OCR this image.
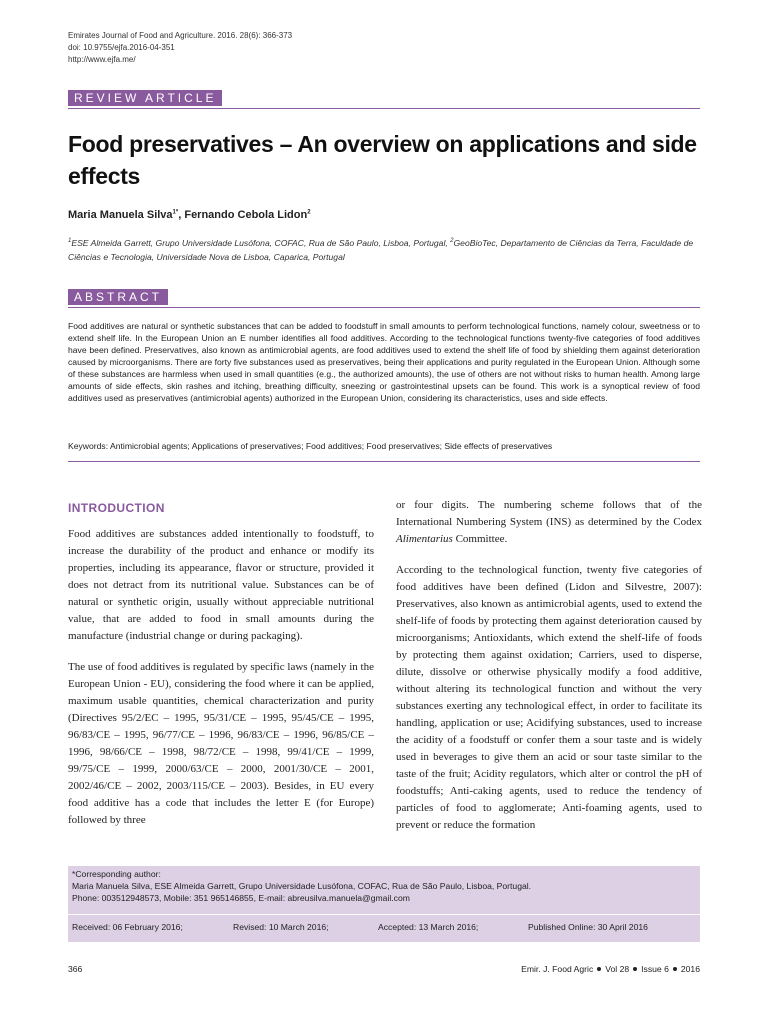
Emirates Journal of Food and Agriculture. 2016. 28(6): 366-373
doi: 10.9755/ejfa.2016-04-351
http://www.ejfa.me/
REVIEW ARTICLE
Food preservatives – An overview on applications and side effects
Maria Manuela Silva$^{1*}$, Fernando Cebola Lidon$^2$
$^1$ESE Almeida Garrett, Grupo Universidade Lusófona, COFAC, Rua de São Paulo, Lisboa, Portugal, $^2$GeoBioTec, Departamento de Ciências da Terra, Faculdade de Ciências e Tecnologia, Universidade Nova de Lisboa, Caparica, Portugal
ABSTRACT
Food additives are natural or synthetic substances that can be added to foodstuff in small amounts to perform technological functions, namely colour, sweetness or to extend shelf life. In the European Union an E number identifies all food additives. According to the technological functions twenty-five categories of food additives have been defined. Preservatives, also known as antimicrobial agents, are food additives used to extend the shelf life of food by shielding them against deterioration caused by microorganisms. There are forty five substances used as preservatives, being their applications and purity regulated in the European Union. Although some of these substances are harmless when used in small quantities (e.g., the authorized amounts), the use of others are not without risks to human health. Among large amounts of side effects, skin rashes and itching, breathing difficulty, sneezing or gastrointestinal upsets can be found. This work is a synoptical review of food additives used as preservatives (antimicrobial agents) authorized in the European Union, considering its characteristics, uses and side effects.
Keywords: Antimicrobial agents; Applications of preservatives; Food additives; Food preservatives; Side effects of preservatives
INTRODUCTION

Food additives are substances added intentionally to foodstuff, to increase the durability of the product and enhance or modify its properties, including its appearance, flavor or structure, provided it does not detract from its nutritional value. Substances can be of natural or synthetic origin, usually without appreciable nutritional value, that are added to food in small amounts during the manufacture (industrial change or during packaging).

The use of food additives is regulated by specific laws (namely in the European Union - EU), considering the food where it can be applied, maximum usable quantities, chemical characterization and purity (Directives 95/2/EC – 1995, 95/31/CE – 1995, 95/45/CE – 1995, 96/83/CE – 1995, 96/77/CE – 1996, 96/83/CE – 1996, 96/85/CE – 1996, 98/66/CE – 1998, 98/72/CE – 1998, 99/41/CE – 1999, 99/75/CE – 1999, 2000/63/CE – 2000, 2001/30/CE – 2001, 2002/46/CE – 2002, 2003/115/CE – 2003). Besides, in EU every food additive has a code that includes the letter E (for Europe) followed by three

or four digits. The numbering scheme follows that of the International Numbering System (INS) as determined by the Codex Alimentarius Committee.

According to the technological function, twenty five categories of food additives have been defined (Lidon and Silvestre, 2007): Preservatives, also known as antimicrobial agents, used to extend the shelf-life of foods by protecting them against deterioration caused by microorganisms; Antioxidants, which extend the shelf-life of foods by protecting them against oxidation; Carriers, used to disperse, dilute, dissolve or otherwise physically modify a food additive, without altering its technological function and without the very substances exerting any technological effect, in order to facilitate its handling, application or use; Acidifying substances, used to increase the acidity of a foodstuff or confer them a sour taste and is widely used in beverages to give them an acid or sour taste similar to the taste of the fruit; Acidity regulators, which alter or control the pH of foodstuffs; Anti-caking agents, used to reduce the tendency of particles of food to agglomerate; Anti-foaming agents, used to prevent or reduce the formation

*Corresponding author:
Maria Manuela Silva, ESE Almeida Garrett, Grupo Universidade Lusófona, COFAC, Rua de São Paulo, Lisboa, Portugal.
Phone: 003512948573, Mobile: 351 965146855, E-mail: abreusilva.manuela@gmail.com
Received: 06 February 2016;	Revised: 10 March 2016;	Accepted: 13 March 2016;	Published Online: 30 April 2016
366	Emir. J. Food Agric Vol 28 Issue 6 2016
